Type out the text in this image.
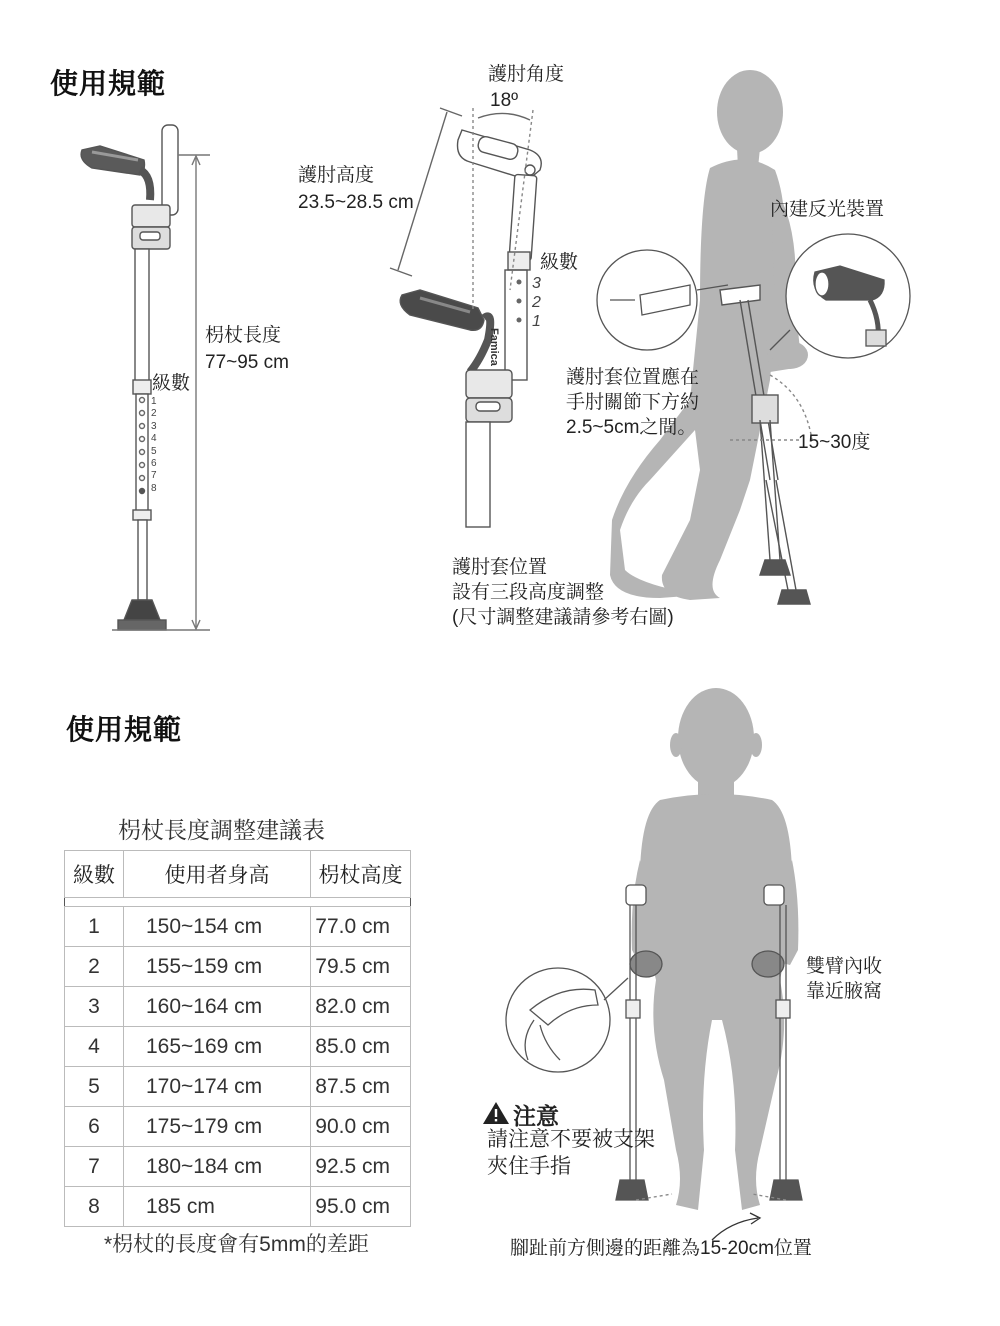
使用規範
枴杖長度
77~95 cm
級數
1
2
3
4
5
6
7
8
護肘角度
18º
護肘高度
23.5~28.5 cm
級數
3
2
1
Famica
內建反光裝置
護肘套位置應在
手肘關節下方約
2.5~5cm之間。
15~30度
護肘套位置
設有三段高度調整
(尺寸調整建議請參考右圖)
使用規範
枴杖長度調整建議表
級數	使用者身高	枴杖高度

1	150~154 cm	77.0 cm
2	155~159 cm	79.5 cm
3	160~164 cm	82.0 cm
4	165~169 cm	85.0 cm
5	170~174 cm	87.5 cm
6	175~179 cm	90.0 cm
7	180~184 cm	92.5 cm
8	185 cm	95.0 cm
*枴杖的長度會有5mm的差距
雙臂內收
靠近腋窩
注意
請注意不要被支架
夾住手指
腳趾前方側邊的距離為15-20cm位置
